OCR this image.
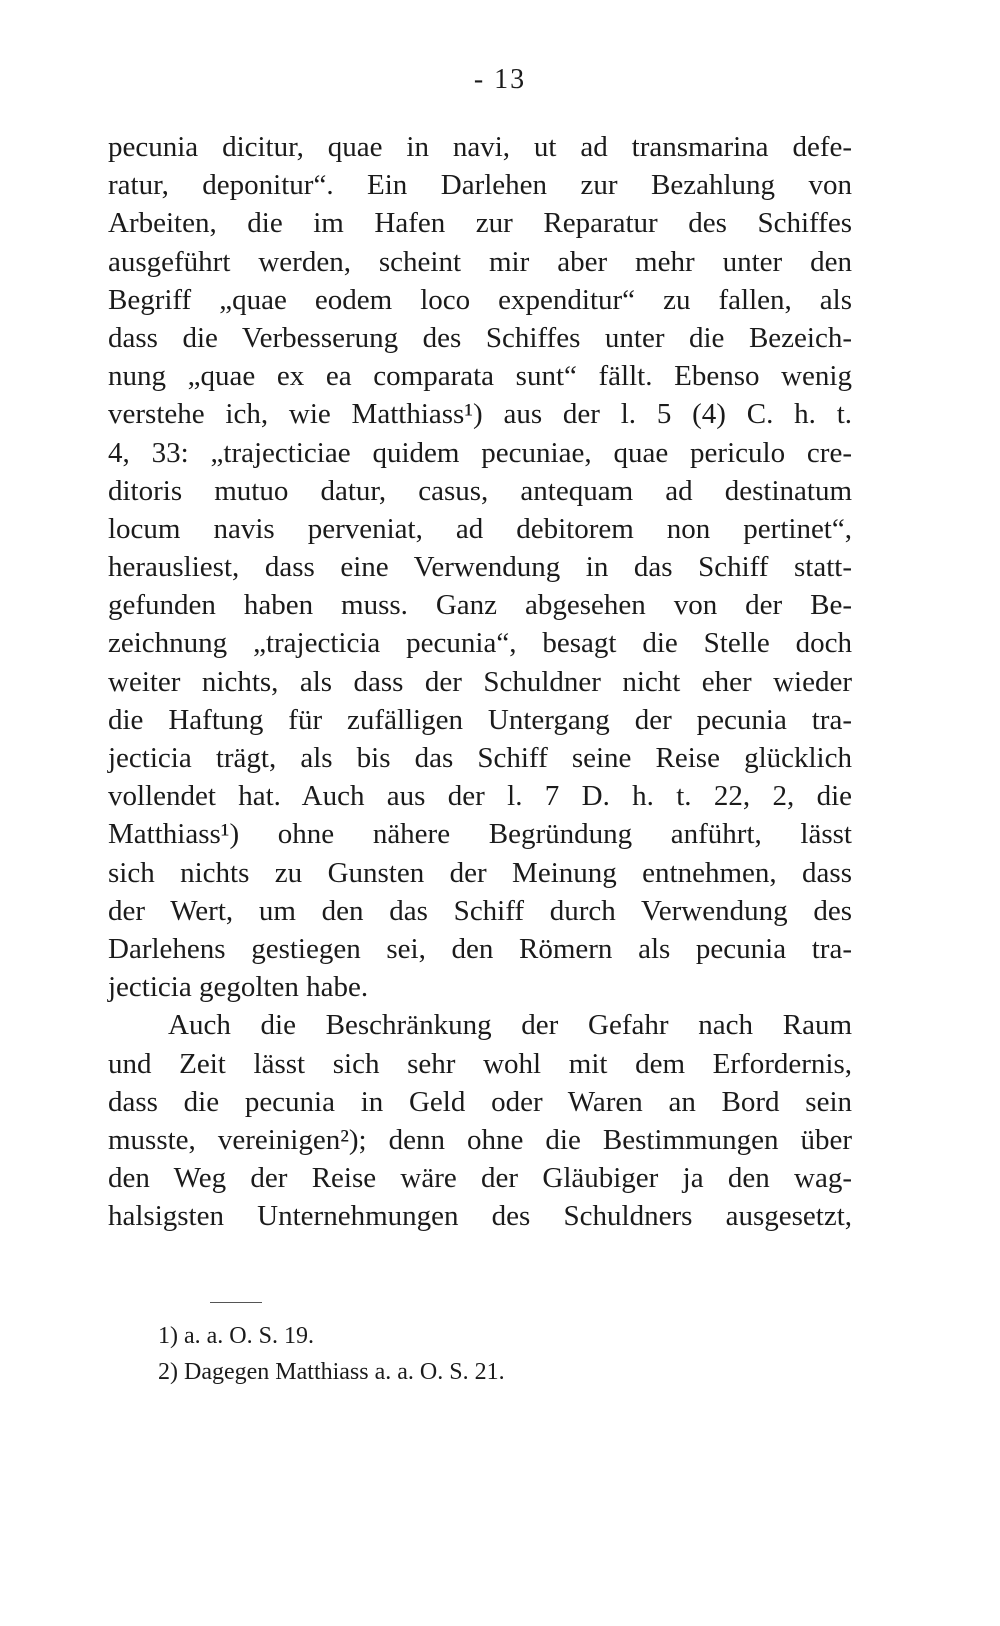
- 13
pecunia dicitur, quae in navi, ut ad transmarina defe-
ratur, deponitur“. Ein Darlehen zur Bezahlung von
Arbeiten, die im Hafen zur Reparatur des Schiffes
ausgeführt werden, scheint mir aber mehr unter den
Begriff „quae eodem loco expenditur“ zu fallen, als
dass die Verbesserung des Schiffes unter die Bezeich-
nung „quae ex ea comparata sunt“ fällt. Ebenso wenig
verstehe ich, wie Matthiass¹) aus der l. 5 (4) C. h. t.
4, 33: „trajecticiae quidem pecuniae, quae periculo cre-
ditoris mutuo datur, casus, antequam ad destinatum
locum navis perveniat, ad debitorem non pertinet“,
herausliest, dass eine Verwendung in das Schiff statt-
gefunden haben muss. Ganz abgesehen von der Be-
zeichnung „trajecticia pecunia“, besagt die Stelle doch
weiter nichts, als dass der Schuldner nicht eher wieder
die Haftung für zufälligen Untergang der pecunia tra-
jecticia trägt, als bis das Schiff seine Reise glücklich
vollendet hat. Auch aus der l. 7 D. h. t. 22, 2, die
Matthiass¹) ohne nähere Begründung anführt, lässt
sich nichts zu Gunsten der Meinung entnehmen, dass
der Wert, um den das Schiff durch Verwendung des
Darlehens gestiegen sei, den Römern als pecunia tra-
jecticia gegolten habe.
Auch die Beschränkung der Gefahr nach Raum
und Zeit lässt sich sehr wohl mit dem Erfordernis,
dass die pecunia in Geld oder Waren an Bord sein
musste, vereinigen²); denn ohne die Bestimmungen über
den Weg der Reise wäre der Gläubiger ja den wag-
halsigsten Unternehmungen des Schuldners ausgesetzt,
1) a. a. O. S. 19.
2) Dagegen Matthiass a. a. O. S. 21.
